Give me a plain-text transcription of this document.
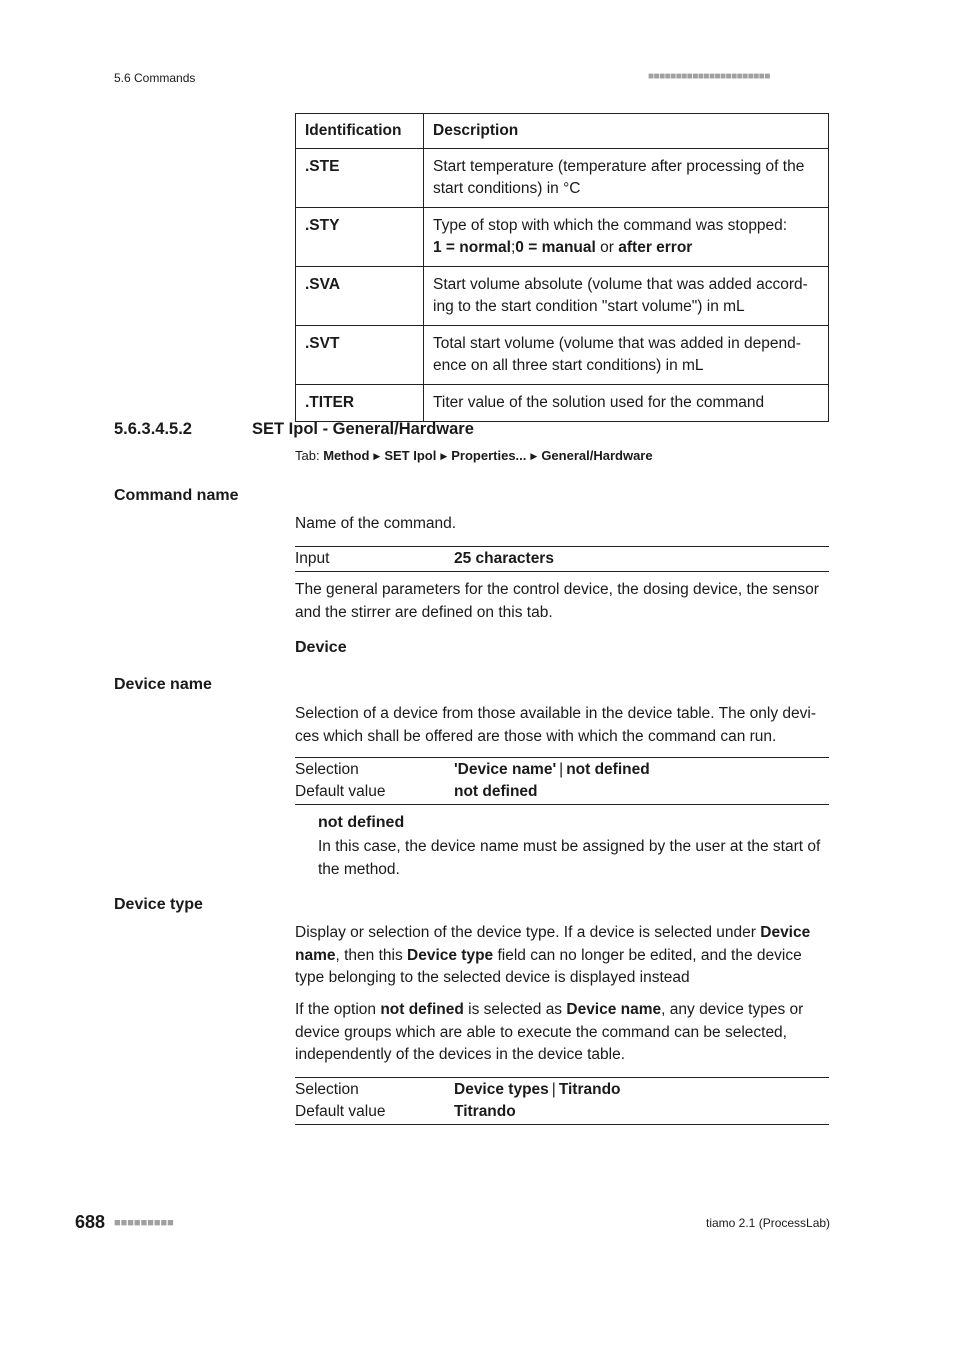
5.6 Commands	■■■■■■■■■■■■■■■■■■■■■■
Identification	Description
.STE	Start temperature (temperature after processing of the start conditions) in °C
.STY	Type of stop with which the command was stopped:
1 = normal;0 = manual or after error
.SVA	Start volume absolute (volume that was added accord-ing to the start condition "start volume") in mL
.SVT	Total start volume (volume that was added in depend-ence on all three start conditions) in mL
.TITER	Titer value of the solution used for the command
5.6.3.4.5.2	SET Ipol - General/Hardware
Tab: Method ▶ SET Ipol ▶ Properties... ▶ General/Hardware
Command name
Name of the command.
Input	25 characters
The general parameters for the control device, the dosing device, the sensor and the stirrer are defined on this tab.
Device
Device name
Selection of a device from those available in the device table. The only devi-ces which shall be offered are those with which the command can run.
Selection	'Device name' | not defined
Default value	not defined
not defined
In this case, the device name must be assigned by the user at the start of the method.
Device type
Display or selection of the device type. If a device is selected under Device name, then this Device type field can no longer be edited, and the device type belonging to the selected device is displayed instead
If the option not defined is selected as Device name, any device types or device groups which are able to execute the command can be selected, independently of the devices in the device table.
Selection	Device types | Titrando
Default value	Titrando
688 ■■■■■■■■■	tiamo 2.1 (ProcessLab)
